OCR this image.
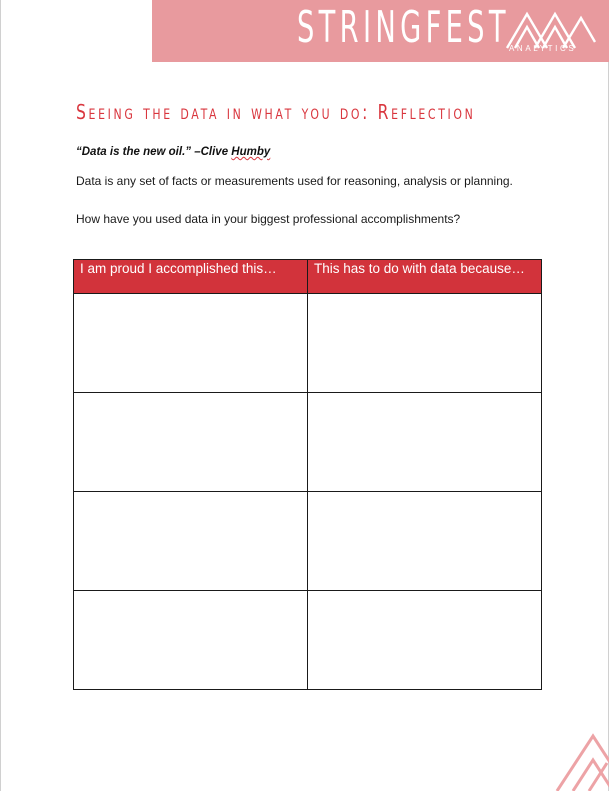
STRINGFEST ANALYTICS
Seeing the data in what you do: Reflection
“Data is the new oil.” –Clive Humby
Data is any set of facts or measurements used for reasoning, analysis or planning.
How have you used data in your biggest professional accomplishments?
I am proud I accomplished this…	This has to do with data because…
